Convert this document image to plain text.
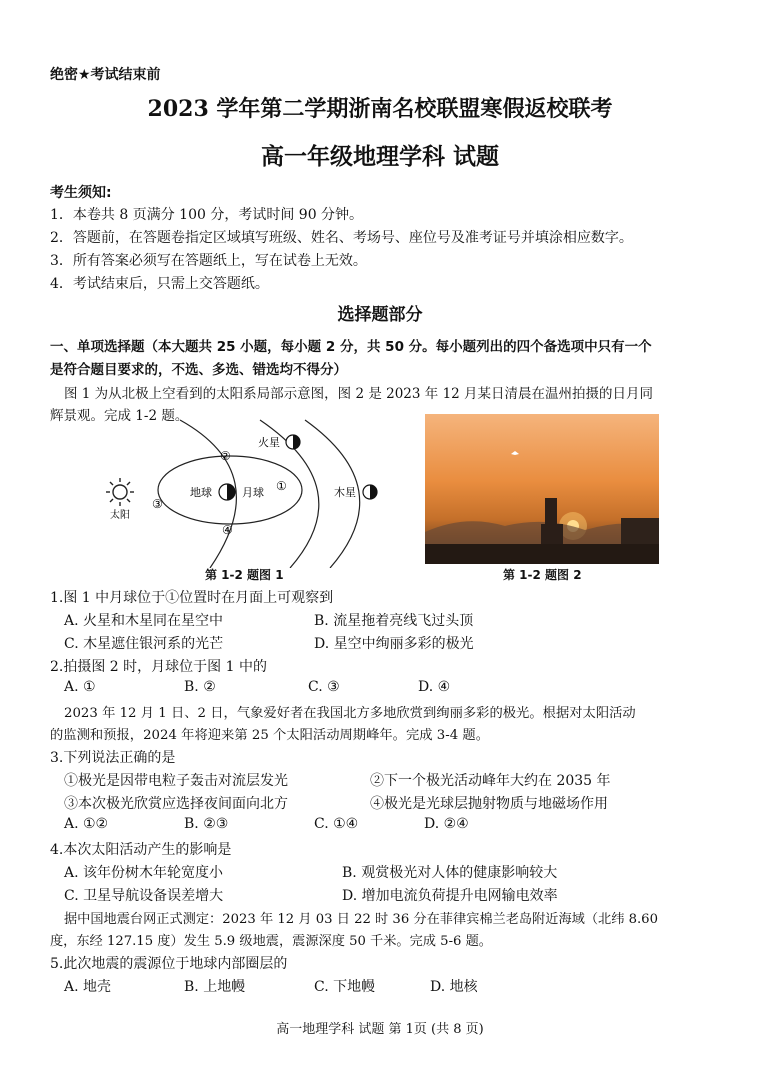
绝密★考试结束前
2023 学年第二学期浙南名校联盟寒假返校联考
高一年级地理学科 试题
考生须知:
1．本卷共 8 页满分 100 分，考试时间 90 分钟。
2．答题前，在答题卷指定区域填写班级、姓名、考场号、座位号及准考证号并填涂相应数字。
3．所有答案必须写在答题纸上，写在试卷上无效。
4．考试结束后，只需上交答题纸。
选择题部分
一、单项选择题（本大题共 25 小题，每小题 2 分，共 50 分。每小题列出的四个备选项中只有一个
是符合题目要求的，不选、多选、错选均不得分）
图 1 为从北极上空看到的太阳系局部示意图，图 2 是 2023 年 12 月某日清晨在温州拍摄的日月同
辉景观。完成 1-2 题。
太阳
地球	月球
火星
木星
②
①
③
④
第 1-2 题图 1	第 1-2 题图 2
1.图 1 中月球位于①位置时在月面上可观察到
A. 火星和木星同在星空中	B. 流星拖着亮线飞过头顶
C. 木星遮住银河系的光芒	D. 星空中绚丽多彩的极光
2.拍摄图 2 时，月球位于图 1 中的
A. ①	B. ②	C. ③	D. ④
2023 年 12 月 1 日、2 日，气象爱好者在我国北方多地欣赏到绚丽多彩的极光。根据对太阳活动
的监测和预报，2024 年将迎来第 25 个太阳活动周期峰年。完成 3-4 题。
3.下列说法正确的是
①极光是因带电粒子轰击对流层发光	②下一个极光活动峰年大约在 2035 年
③本次极光欣赏应选择夜间面向北方	④极光是光球层抛射物质与地磁场作用
A. ①②	B. ②③	C. ①④	D. ②④
4.本次太阳活动产生的影响是
A. 该年份树木年轮宽度小	B. 观赏极光对人体的健康影响较大
C. 卫星导航设备误差增大	D. 增加电流负荷提升电网输电效率
据中国地震台网正式测定：2023 年 12 月 03 日 22 时 36 分在菲律宾棉兰老岛附近海域（北纬 8.60
度，东经 127.15 度）发生 5.9 级地震，震源深度 50 千米。完成 5-6 题。
5.此次地震的震源位于地球内部圈层的
A. 地壳	B. 上地幔	C. 下地幔	D. 地核
高一地理学科 试题 第 1页 (共 8 页)
